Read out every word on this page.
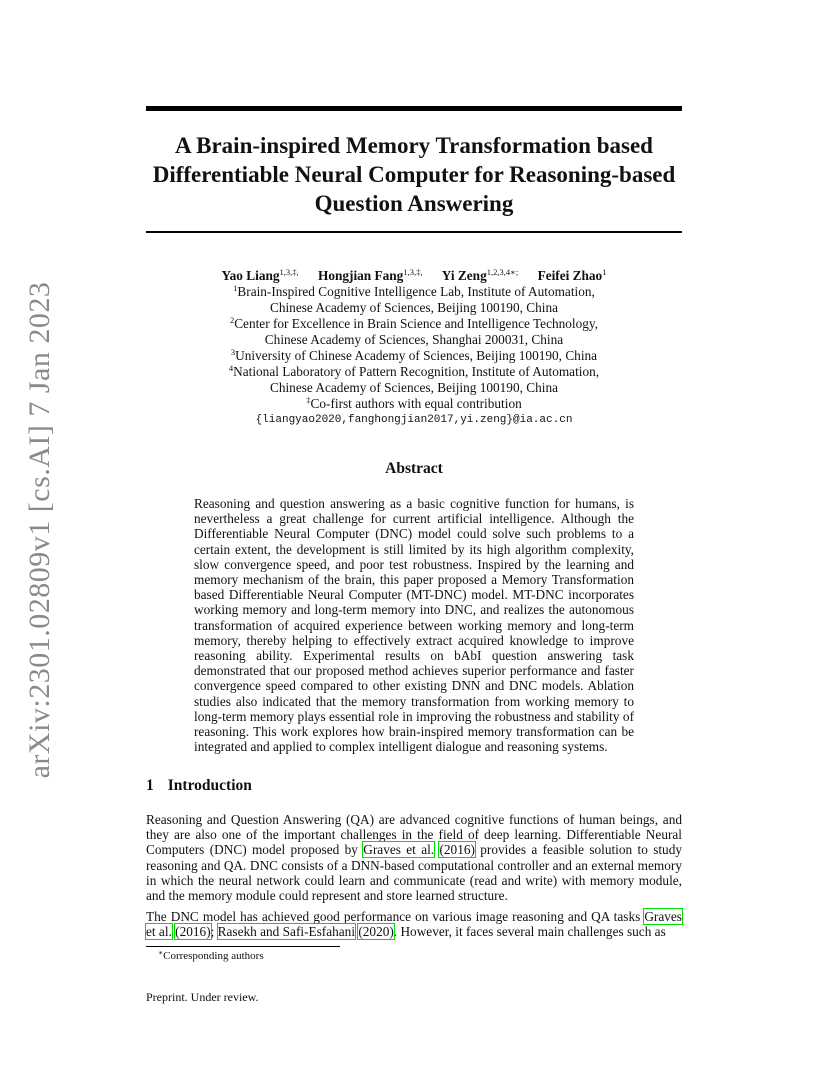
arXiv:2301.02809v1 [cs.AI] 7 Jan 2023
A Brain-inspired Memory Transformation based Differentiable Neural Computer for Reasoning-based Question Answering
Yao Liang$^{1,3,\ddagger,}$ Hongjian Fang$^{1,3,\ddagger,}$ Yi Zeng$^{1,2,3,4∗;}$ Feifei Zhao$^1$
$^1$Brain-Inspired Cognitive Intelligence Lab, Institute of Automation,
Chinese Academy of Sciences, Beijing 100190, China
$^2$Center for Excellence in Brain Science and Intelligence Technology,
Chinese Academy of Sciences, Shanghai 200031, China
$^3$University of Chinese Academy of Sciences, Beijing 100190, China
$^4$National Laboratory of Pattern Recognition, Institute of Automation,
Chinese Academy of Sciences, Beijing 100190, China
‡Co-first authors with equal contribution
{liangyao2020,fanghongjian2017,yi.zeng}@ia.ac.cn
Abstract
Reasoning and question answering as a basic cognitive function for humans, is nevertheless a great challenge for current artificial intelligence. Although the Differentiable Neural Computer (DNC) model could solve such problems to a certain extent, the development is still limited by its high algorithm complexity, slow convergence speed, and poor test robustness. Inspired by the learning and memory mechanism of the brain, this paper proposed a Memory Transformation based Differentiable Neural Computer (MT-DNC) model. MT-DNC incorporates working memory and long-term memory into DNC, and realizes the autonomous transformation of acquired experience between working memory and long-term memory, thereby helping to effectively extract acquired knowledge to improve reasoning ability. Experimental results on bAbI question answering task demonstrated that our proposed method achieves superior performance and faster convergence speed compared to other existing DNN and DNC models. Ablation studies also indicated that the memory transformation from working memory to long-term memory plays essential role in improving the robustness and stability of reasoning. This work explores how brain-inspired memory transformation can be integrated and applied to complex intelligent dialogue and reasoning systems.
1 Introduction
Reasoning and Question Answering (QA) are advanced cognitive functions of human beings, and they are also one of the important challenges in the field of deep learning. Differentiable Neural Computers (DNC) model proposed by Graves et al. (2016) provides a feasible solution to study reasoning and QA. DNC consists of a DNN-based computational controller and an external memory in which the neural network could learn and communicate (read and write) with memory module, and the memory module could represent and store learned structure.
The DNC model has achieved good performance on various image reasoning and QA tasks Graves et al. (2016); Rasekh and Safi-Esfahani (2020). However, it faces several main challenges such as
∗Corresponding authors
Preprint. Under review.
